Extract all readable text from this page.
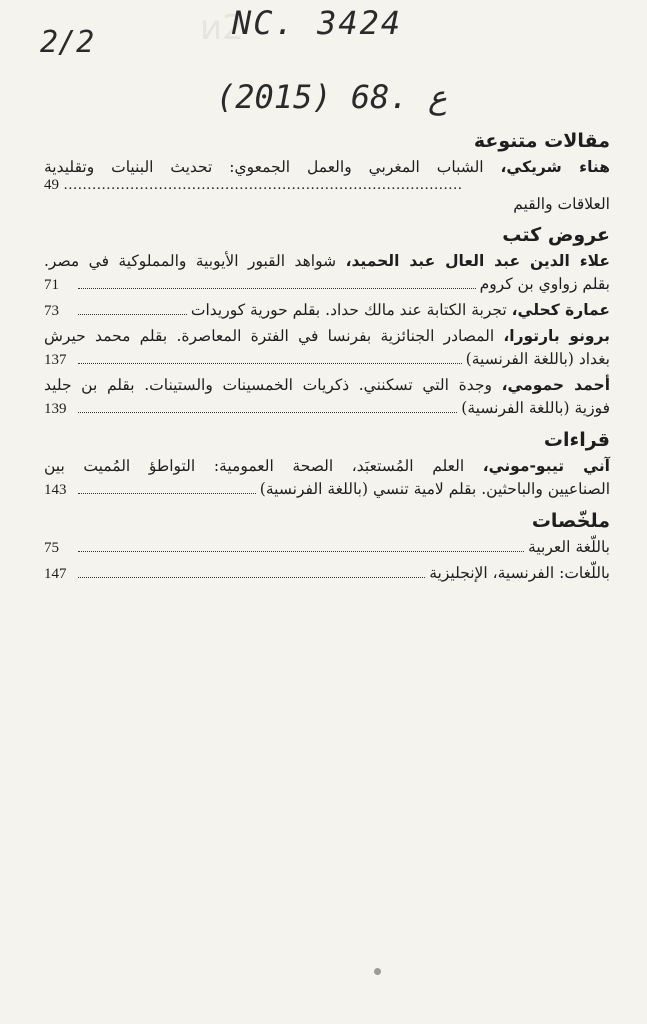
ᴎ2
2/2
NC. 3424
(2015) 68. ع
مقالات متنوعة
هناء شريكي، الشباب المغربي والعمل الجمعوي: تحديث البنيات وتقليدية
49 ....................................................................................
العلاقات والقيم
عروض كتب
علاء الدين عبد العال عبد الحميد، شواهد القبور الأيوبية والمملوكية في مصر.
بقلم زواوي بن كروم
71
عمارة كحلي، تجربة الكتابة عند مالك حداد. بقلم حورية كوريدات
73
برونو بارتورا، المصادر الجنائزية بفرنسا في الفترة المعاصرة. بقلم محمد حيرش
بغداد (باللغة الفرنسية)
137
أحمد حمومي، وجدة التي تسكنني. ذكريات الخمسينات والستينات. بقلم بن جليد
فوزية (باللغة الفرنسية)
139
قراءات
آني تيبو-موني، العلم المُستعبَد، الصحة العمومية: التواطؤ المُميت بين
الصناعيين والباحثين. بقلم لامية تنسي (باللغة الفرنسية)
143
ملخّصات
باللّغة العربية
75
باللّغات: الفرنسية، الإنجليزية
147
